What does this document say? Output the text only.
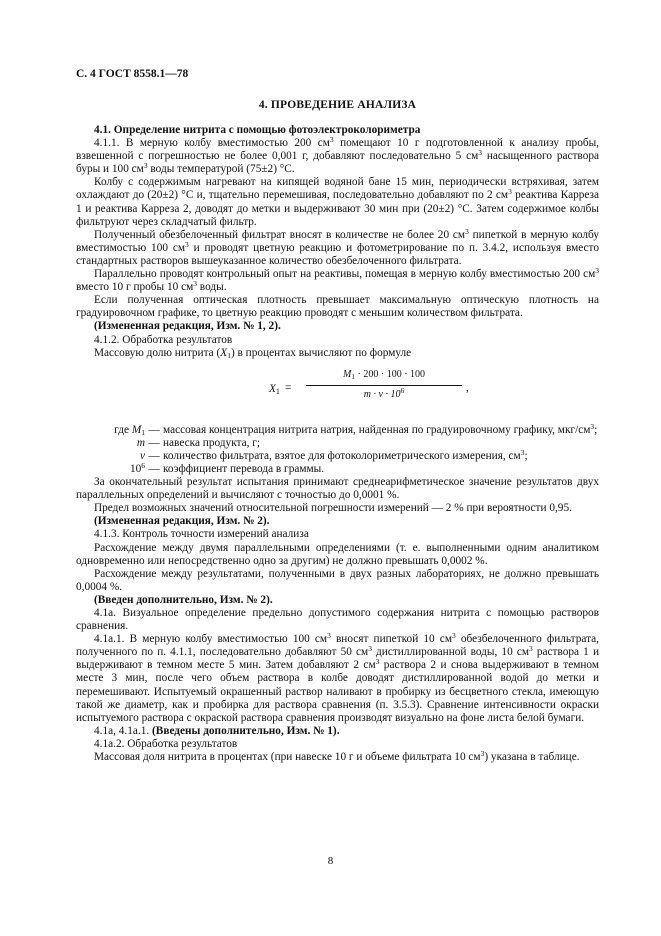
С. 4 ГОСТ 8558.1—78
4. ПРОВЕДЕНИЕ АНАЛИЗА

4.1. Определение нитрита с помощью фотоэлектроколориметра

4.1.1. В мерную колбу вместимостью 200 $см^3$ помещают 10 г подготовленной к анализу пробы, взвешенной с погрешностью не более 0,001 г, добавляют последовательно 5 $см^3$ насыщенного раствора буры и 100 $см^3$ воды температурой (75±2) °С.

Колбу с содержимым нагревают на кипящей водяной бане 15 мин, периодически встряхивая, затем охлаждают до (20±2) °С и, тщательно перемешивая, последовательно добавляют по 2 $см^3$ реактива Карреза 1 и реактива Карреза 2, доводят до метки и выдерживают 30 мин при (20±2) °С. Затем содержимое колбы фильтруют через складчатый фильтр.

Полученный обезбелоченный фильтрат вносят в количестве не более 20 $см^3$ пипеткой в мерную колбу вместимостью 100 $см^3$ и проводят цветную реакцию и фотометрирование по п. 3.4.2, используя вместо стандартных растворов вышеуказанное количество обезбелоченного фильтрата.

Параллельно проводят контрольный опыт на реактивы, помещая в мерную колбу вместимостью 200 $см^3$ вместо 10 г пробы 10 $см^3$ воды.

Если полученная оптическая плотность превышает максимальную оптическую плотность на градуировочном графике, то цветную реакцию проводят с меньшим количеством фильтрата.

(Измененная редакция, Изм. № 1, 2).

4.1.2. Обработка результатов

Массовую долю нитрита $(X_1)$ в процентах вычисляют по формуле

$X_1$ =
$M_1 \cdot 200 \cdot 100 \cdot 100$
$m \cdot v \cdot 10^6$	,
где $M_1$ — массовая концентрация нитрита натрия, найденная по градуировочному графику, мкг/$см^3$;
m — навеска продукта, г;
v — количество фильтрата, взятое для фотоколориметрического измерения, $см^3$;
$10^6$ — коэффициент перевода в граммы.

За окончательный результат испытания принимают среднеарифметическое значение результатов двух параллельных определений и вычисляют с точностью до 0,0001 %.

Предел возможных значений относительной погрешности измерений — 2 % при вероятности 0,95.

(Измененная редакция, Изм. № 2).

4.1.3. Контроль точности измерений анализа

Расхождение между двумя параллельными определениями (т. е. выполненными одним аналитиком одновременно или непосредственно одно за другим) не должно превышать 0,0002 %.

Расхождение между результатами, полученными в двух разных лабораториях, не должно превышать 0,0004 %.

(Введен дополнительно, Изм. № 2).

4.1а. Визуальное определение предельно допустимого содержания нитрита с помощью растворов сравнения.

4.1а.1. В мерную колбу вместимостью 100 $см^3$ вносят пипеткой 10 $см^3$ обезбелоченного фильтрата, полученного по п. 4.1.1, последовательно добавляют 50 $см^3$ дистиллированной воды, 10 $см^3$ раствора 1 и выдерживают в темном месте 5 мин. Затем добавляют 2 $см^3$ раствора 2 и снова выдерживают в темном месте 3 мин, после чего объем раствора в колбе доводят дистиллированной водой до метки и перемешивают. Испытуемый окрашенный раствор наливают в пробирку из бесцветного стекла, имеющую такой же диаметр, как и пробирка для раствора сравнения (п. 3.5.3). Сравнение интенсивности окраски испытуемого раствора с окраской раствора сравнения производят визуально на фоне листа белой бумаги.

4.1а, 4.1а.1. (Введены дополнительно, Изм. № 1).

4.1а.2. Обработка результатов

Массовая доля нитрита в процентах (при навеске 10 г и объеме фильтрата 10 $см^3$) указана в таблице.

8
